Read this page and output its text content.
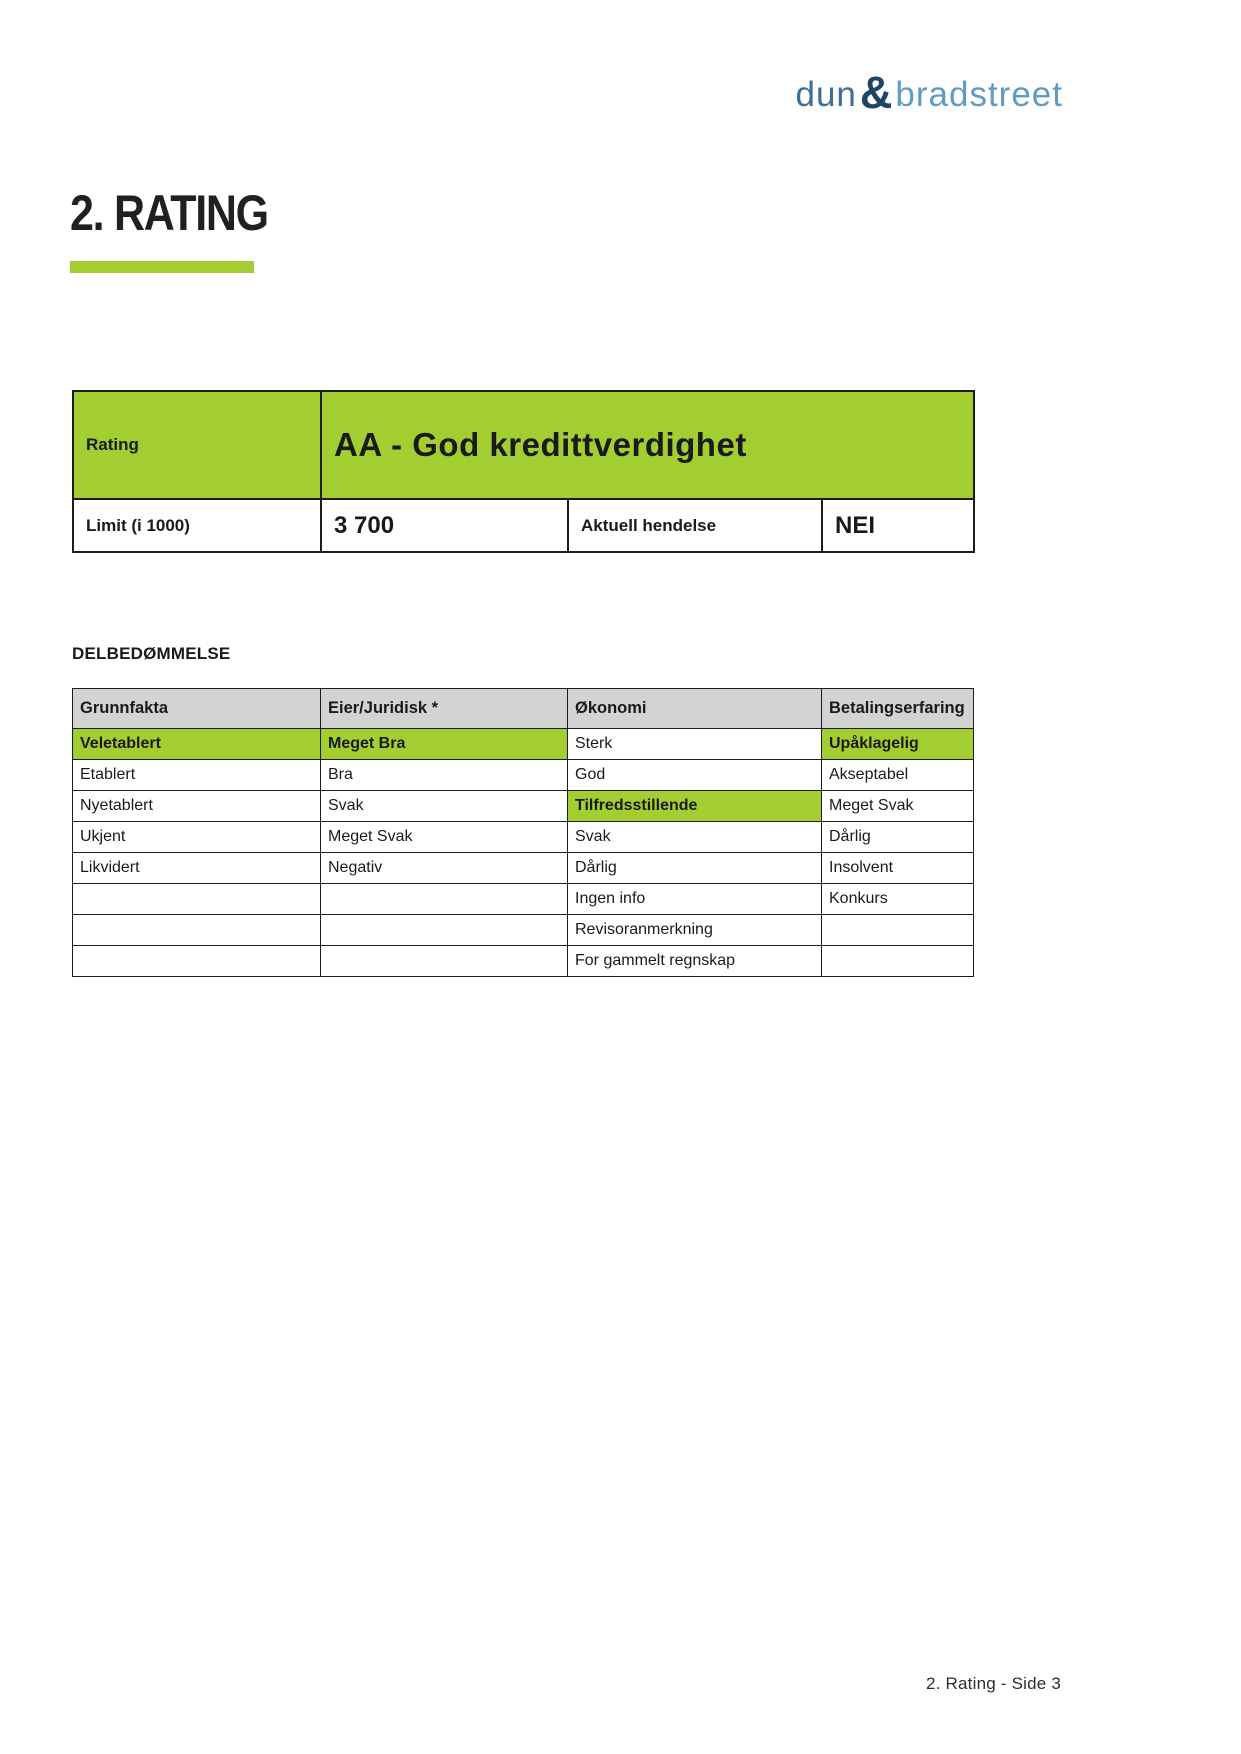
dun & bradstreet
2. RATING
Rating	AA - God kredittverdighet		
Limit (i 1000)	3 700	Aktuell hendelse	NEI
DELBEDØMMELSE
Grunnfakta	Eier/Juridisk *	Økonomi	Betalingserfaring
Veletablert	Meget Bra	Sterk	Upåklagelig
Etablert	Bra	God	Akseptabel
Nyetablert	Svak	Tilfredsstillende	Meget Svak
Ukjent	Meget Svak	Svak	Dårlig
Likvidert	Negativ	Dårlig	Insolvent
		Ingen info	Konkurs
		Revisoranmerkning	
		For gammelt regnskap	
2. Rating - Side 3
